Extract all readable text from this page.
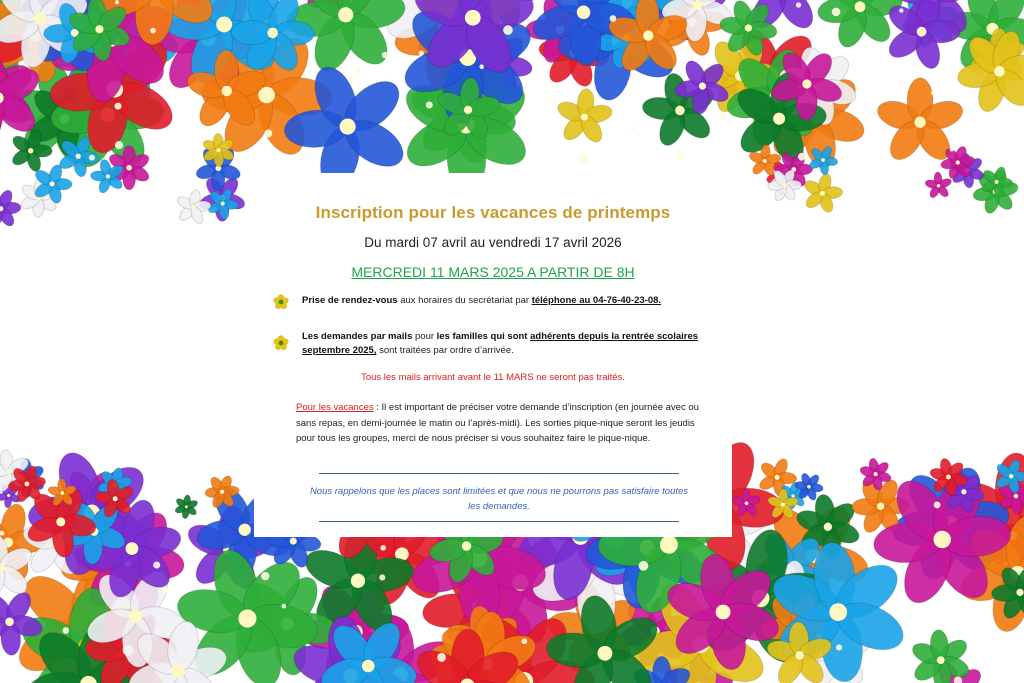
Inscription pour les vacances de printemps
Du mardi 07 avril au vendredi 17 avril 2026
MERCREDI 11 MARS 2025 A PARTIR DE 8H
Prise de rendez-vous aux horaires du secrétariat par téléphone au 04-76-40-23-08.
Les demandes par mails pour les familles qui sont adhérents depuis la rentrée scolaires septembre 2025, sont traitées par ordre d’arrivée.
Tous les mails arrivant avant le 11 MARS ne seront pas traités.
Pour les vacances : Il est important de préciser votre demande d’inscription (en journée avec ou sans repas, en demi-journée le matin ou l’après-midi). Les sorties pique-nique seront les jeudis pour tous les groupes, merci de nous préciser si vous souhaitez faire le pique-nique.
Nous rappelons que les places sont limitées et que nous ne pourrons pas satisfaire toutes les demandes.
